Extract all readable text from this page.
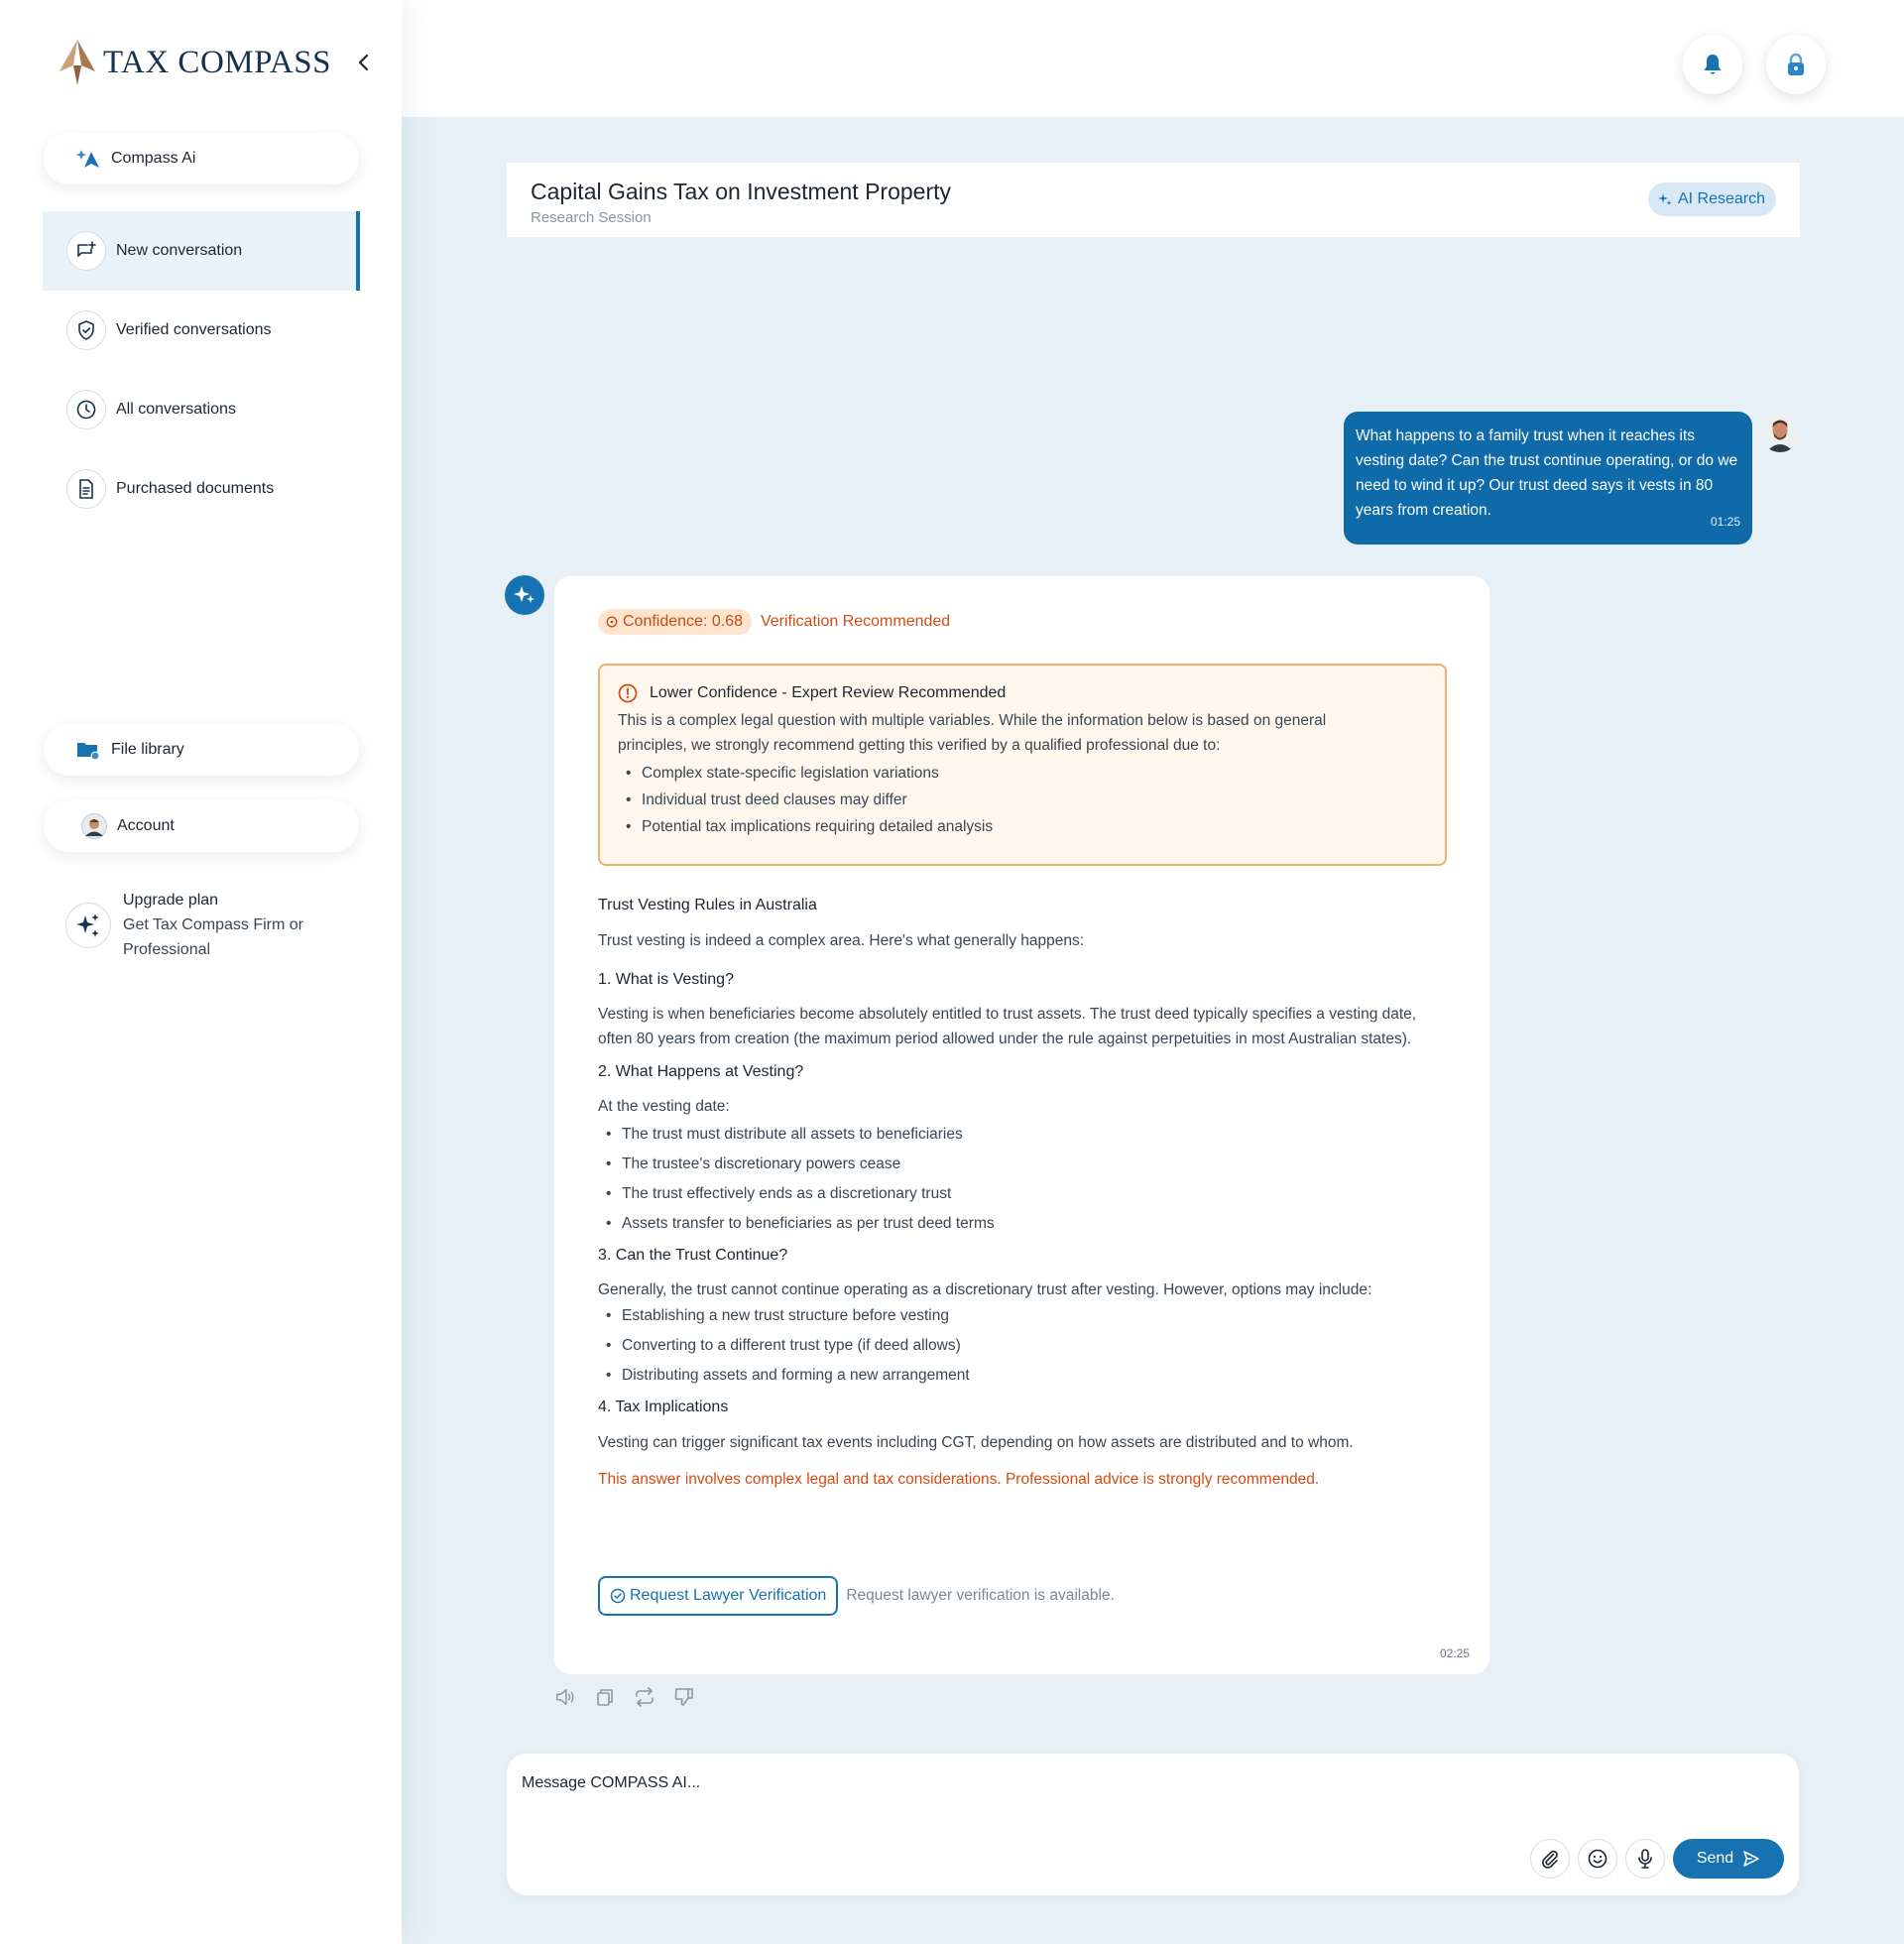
TAX COMPASS
Compass Ai
New conversation
Verified conversations
All conversations
Purchased documents
File library
Account
Upgrade plan
Get Tax Compass Firm or Professional
Capital Gains Tax on Investment Property
Research Session
AI Research
What happens to a family trust when it reaches its vesting date? Can the trust continue operating, or do we need to wind it up? Our trust deed says it vests in 80 years from creation.
01:25
Confidence: 0.68 Verification Recommended
Lower Confidence - Expert Review Recommended
This is a complex legal question with multiple variables. While the information below is based on general principles, we strongly recommend getting this verified by a qualified professional due to:
• Complex state-specific legislation variations
• Individual trust deed clauses may differ
• Potential tax implications requiring detailed analysis
Trust Vesting Rules in Australia
Trust vesting is indeed a complex area. Here's what generally happens:
1. What is Vesting?
Vesting is when beneficiaries become absolutely entitled to trust assets. The trust deed typically specifies a vesting date, often 80 years from creation (the maximum period allowed under the rule against perpetuities in most Australian states).
2. What Happens at Vesting?
At the vesting date:
• The trust must distribute all assets to beneficiaries
• The trustee's discretionary powers cease
• The trust effectively ends as a discretionary trust
• Assets transfer to beneficiaries as per trust deed terms
3. Can the Trust Continue?
Generally, the trust cannot continue operating as a discretionary trust after vesting. However, options may include:
• Establishing a new trust structure before vesting
• Converting to a different trust type (if deed allows)
• Distributing assets and forming a new arrangement
4. Tax Implications
Vesting can trigger significant tax events including CGT, depending on how assets are distributed and to whom.
This answer involves complex legal and tax considerations. Professional advice is strongly recommended.
Request Lawyer Verification Request lawyer verification is available.
02:25
Message COMPASS AI...
Send
